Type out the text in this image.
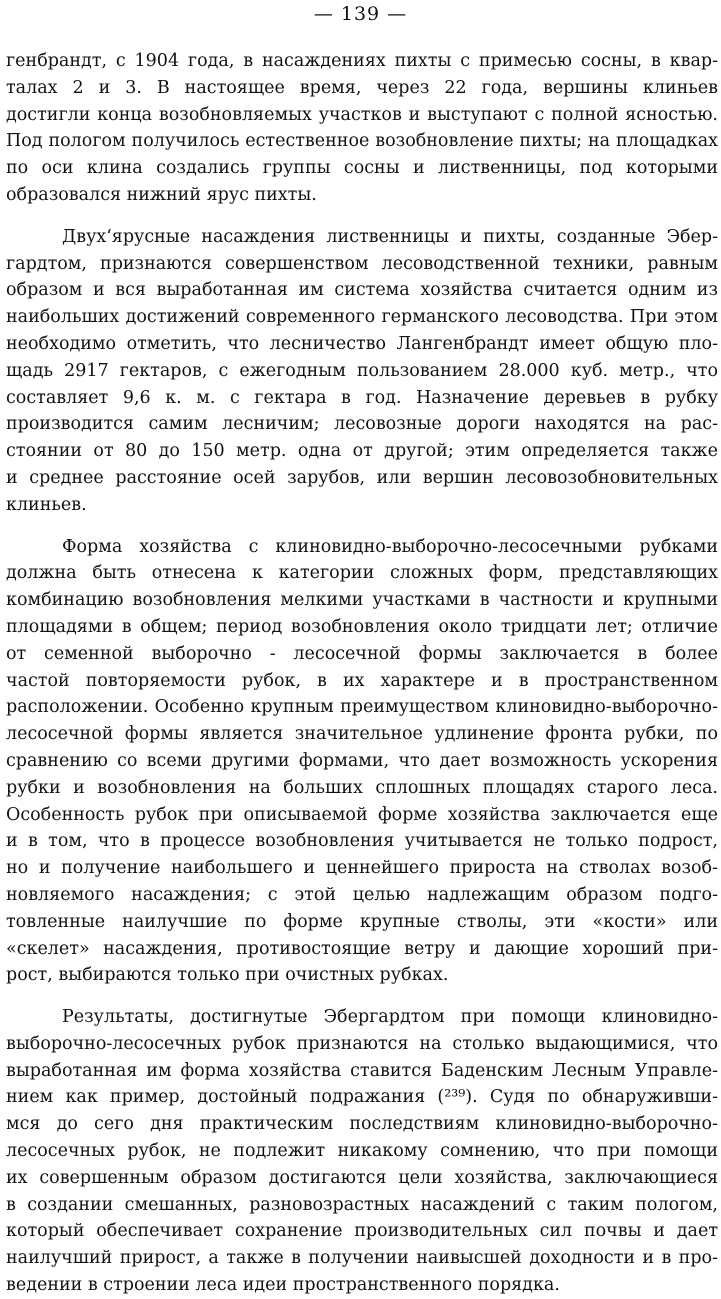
— 139 —
генбрандт, с 1904 года, в насаждениях пихты с примесью сосны, в квар-
талах 2 и 3. В настоящее время, через 22 года, вершины клиньев
достигли конца возобновляемых участков и выступают с полной ясностью.
Под пологом получилось естественное возобновление пихты; на площадках
по оси клина создались группы сосны и лиственницы, под которыми
образовался нижний ярус пихты.
Двух‘ярусные насаждения лиственницы и пихты, созданные Эбер-
гардтом, признаются совершенством лесоводственной техники, равным
образом и вся выработанная им система хозяйства считается одним из
наибольших достижений современного германского лесоводства. При этом
необходимо отметить, что лесничество Лангенбрандт имеет общую пло-
щадь 2917 гектаров, с ежегодным пользованием 28.000 куб. метр., что
составляет 9,6 к. м. с гектара в год. Назначение деревьев в рубку
производится самим лесничим; лесовозные дороги находятся на рас-
стоянии от 80 до 150 метр. одна от другой; этим определяется также
и среднее расстояние осей зарубов, или вершин лесовозобновительных
клиньев.
Форма хозяйства с клиновидно-выборочно-лесосечными рубками
должна быть отнесена к категории сложных форм, представляющих
комбинацию возобновления мелкими участками в частности и крупными
площадями в общем; период возобновления около тридцати лет; отличие
от семенной выборочно - лесосечной формы заключается в более
частой повторяемости рубок, в их характере и в пространственном
расположении. Особенно крупным преимуществом клиновидно-выборочно-
лесосечной формы является значительное удлинение фронта рубки, по
сравнению со всеми другими формами, что дает возможность ускорения
рубки и возобновления на больших сплошных площадях старого леса.
Особенность рубок при описываемой форме хозяйства заключается еще
и в том, что в процессе возобновления учитывается не только подрост,
но и получение наибольшего и ценнейшего прироста на стволах возоб-
новляемого насаждения; с этой целью надлежащим образом подго-
товленные наилучшие по форме крупные стволы, эти «кости» или
«скелет» насаждения, противостоящие ветру и дающие хороший при-
рост, выбираются только при очистных рубках.
Результаты, достигнутые Эбергардтом при помощи клиновидно-
выборочно-лесосечных рубок признаются на столько выдающимися, что
выработанная им форма хозяйства ставится Баденским Лесным Управле-
нием как пример, достойный подражания (²³⁹). Судя по обнаруживши-
мся до сего дня практическим последствиям клиновидно-выборочно-
лесосечных рубок, не подлежит никакому сомнению, что при помощи
их совершенным образом достигаются цели хозяйства, заключающиеся
в создании смешанных, разновозрастных насаждений с таким пологом,
который обеспечивает сохранение производительных сил почвы и дает
наилучший прирост, а также в получении наивысшей доходности и в про-
ведении в строении леса идеи пространственного порядка.
